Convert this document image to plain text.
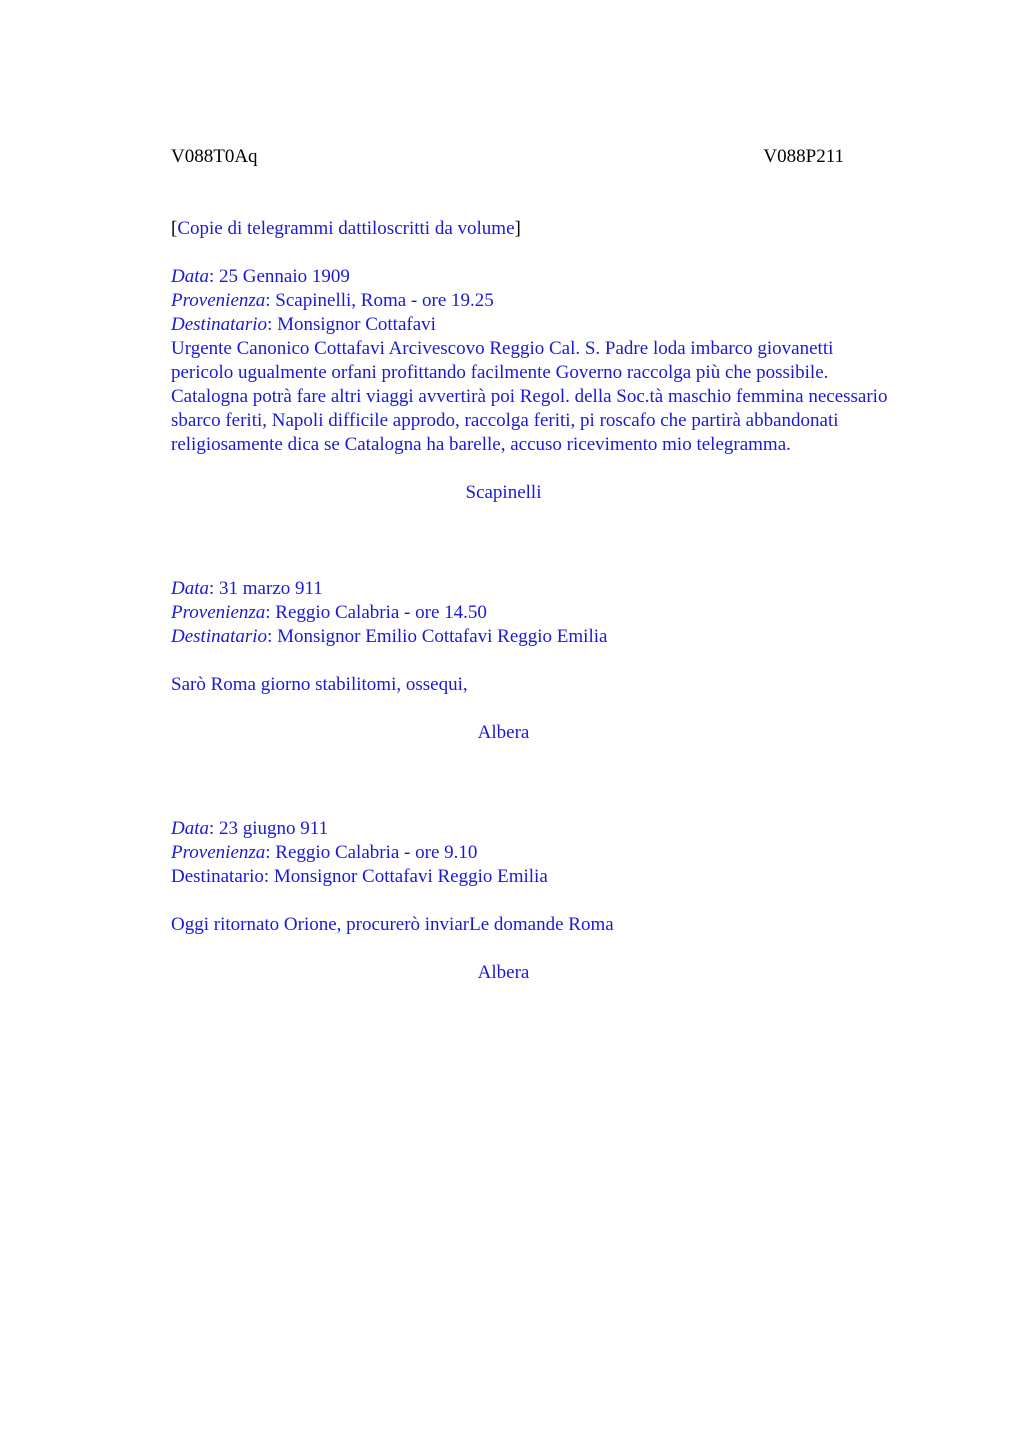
V088T0Aq	V088P211
[Copie di telegrammi dattiloscritti da volume]
Data: 25 Gennaio 1909
Provenienza: Scapinelli, Roma - ore 19.25
Destinatario: Monsignor Cottafavi
Urgente Canonico Cottafavi Arcivescovo Reggio Cal. S. Padre loda imbarco giovanetti pericolo ugualmente orfani profittando facilmente Governo raccolga più che possibile. Catalogna potrà fare altri viaggi avvertirà poi Regol. della Soc.tà maschio femmina necessario sbarco feriti, Napoli difficile approdo, raccolga feriti, pi roscafo che partirà abbandonati religiosamente dica se Catalogna ha barelle, accuso ricevimento mio telegramma.
Scapinelli
Data: 31 marzo 911
Provenienza: Reggio Calabria - ore 14.50
Destinatario: Monsignor Emilio Cottafavi Reggio Emilia
Sarò Roma giorno stabilitomi, ossequi,
Albera
Data: 23 giugno 911
Provenienza: Reggio Calabria - ore 9.10
Destinatario: Monsignor Cottafavi Reggio Emilia
Oggi ritornato Orione, procurerò inviarLe domande Roma
Albera
